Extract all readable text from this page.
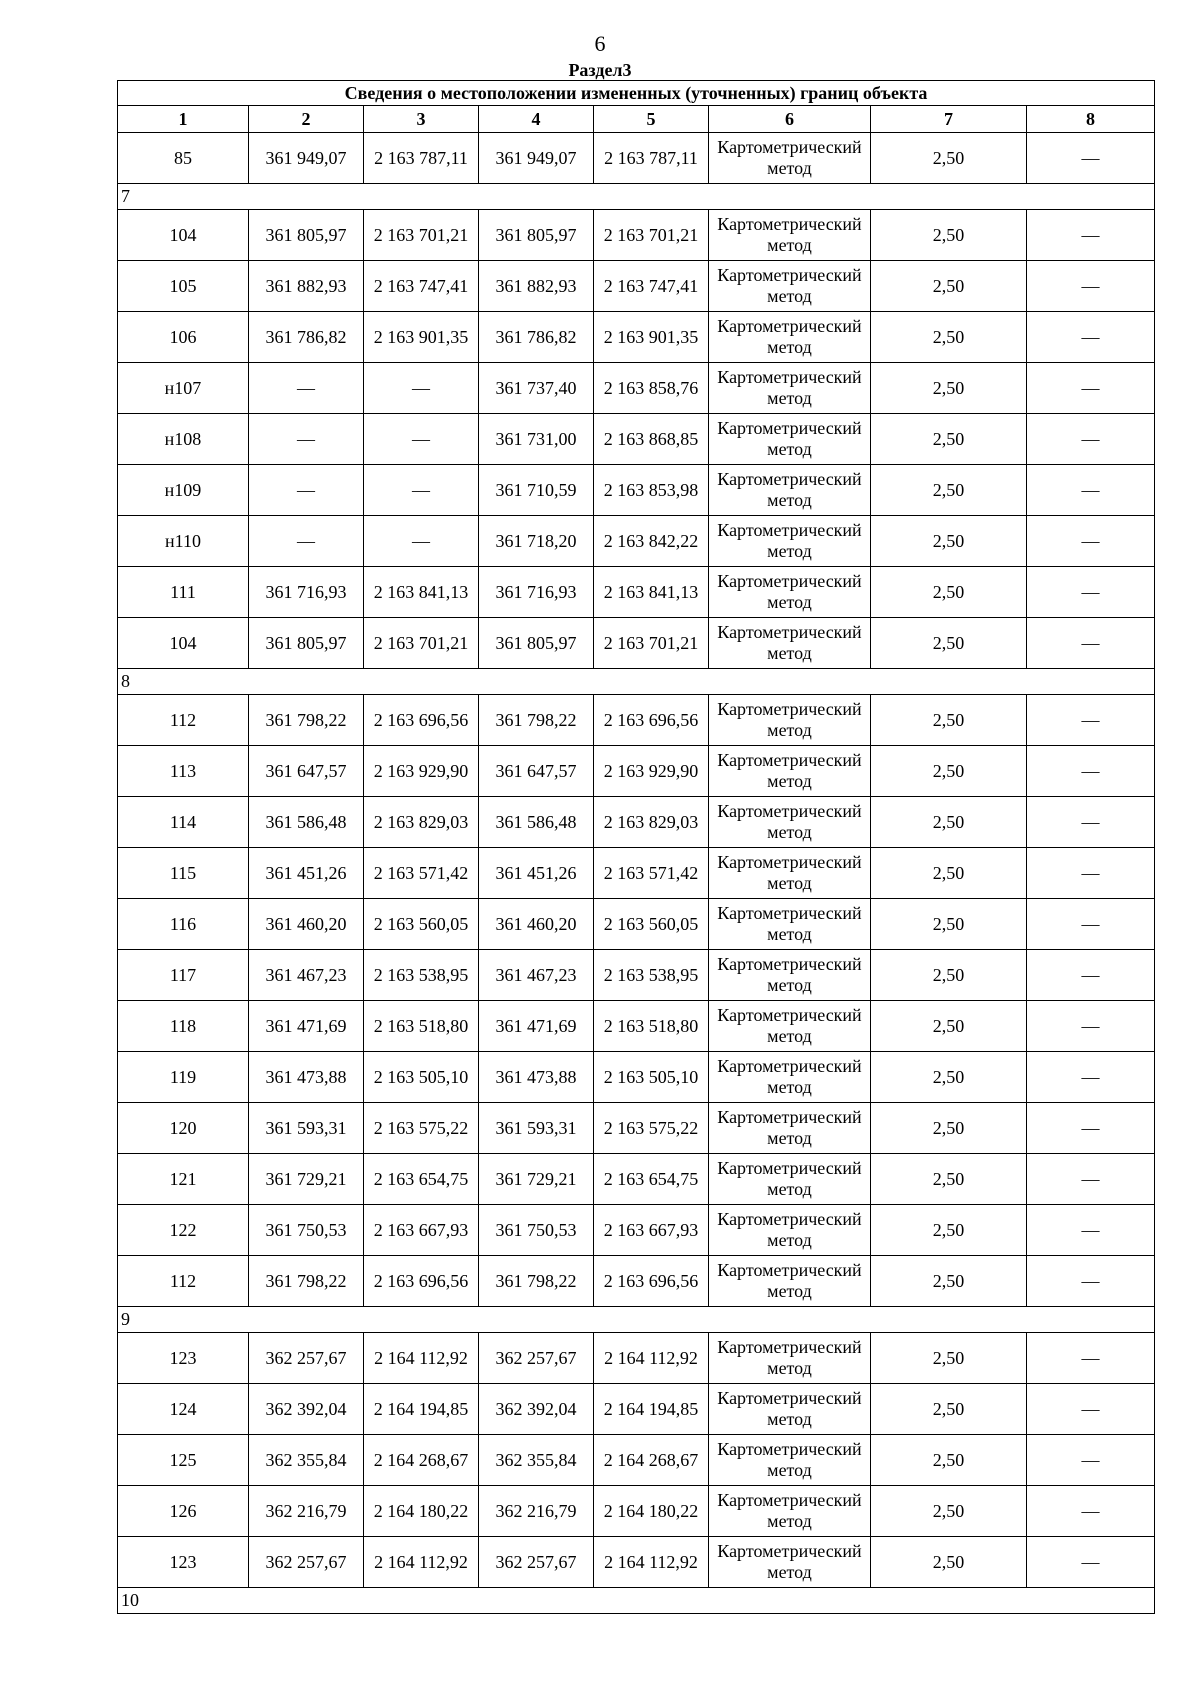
6
Раздел3
Сведения о местоположении измененных (уточненных) границ объекта							
1	2	3	4	5	6	7	8
85	361 949,07	2 163 787,11	361 949,07	2 163 787,11	Картометрический метод	2,50	—
7							
104	361 805,97	2 163 701,21	361 805,97	2 163 701,21	Картометрический метод	2,50	—
105	361 882,93	2 163 747,41	361 882,93	2 163 747,41	Картометрический метод	2,50	—
106	361 786,82	2 163 901,35	361 786,82	2 163 901,35	Картометрический метод	2,50	—
н107	—	—	361 737,40	2 163 858,76	Картометрический метод	2,50	—
н108	—	—	361 731,00	2 163 868,85	Картометрический метод	2,50	—
н109	—	—	361 710,59	2 163 853,98	Картометрический метод	2,50	—
н110	—	—	361 718,20	2 163 842,22	Картометрический метод	2,50	—
111	361 716,93	2 163 841,13	361 716,93	2 163 841,13	Картометрический метод	2,50	—
104	361 805,97	2 163 701,21	361 805,97	2 163 701,21	Картометрический метод	2,50	—
8							
112	361 798,22	2 163 696,56	361 798,22	2 163 696,56	Картометрический метод	2,50	—
113	361 647,57	2 163 929,90	361 647,57	2 163 929,90	Картометрический метод	2,50	—
114	361 586,48	2 163 829,03	361 586,48	2 163 829,03	Картометрический метод	2,50	—
115	361 451,26	2 163 571,42	361 451,26	2 163 571,42	Картометрический метод	2,50	—
116	361 460,20	2 163 560,05	361 460,20	2 163 560,05	Картометрический метод	2,50	—
117	361 467,23	2 163 538,95	361 467,23	2 163 538,95	Картометрический метод	2,50	—
118	361 471,69	2 163 518,80	361 471,69	2 163 518,80	Картометрический метод	2,50	—
119	361 473,88	2 163 505,10	361 473,88	2 163 505,10	Картометрический метод	2,50	—
120	361 593,31	2 163 575,22	361 593,31	2 163 575,22	Картометрический метод	2,50	—
121	361 729,21	2 163 654,75	361 729,21	2 163 654,75	Картометрический метод	2,50	—
122	361 750,53	2 163 667,93	361 750,53	2 163 667,93	Картометрический метод	2,50	—
112	361 798,22	2 163 696,56	361 798,22	2 163 696,56	Картометрический метод	2,50	—
9							
123	362 257,67	2 164 112,92	362 257,67	2 164 112,92	Картометрический метод	2,50	—
124	362 392,04	2 164 194,85	362 392,04	2 164 194,85	Картометрический метод	2,50	—
125	362 355,84	2 164 268,67	362 355,84	2 164 268,67	Картометрический метод	2,50	—
126	362 216,79	2 164 180,22	362 216,79	2 164 180,22	Картометрический метод	2,50	—
123	362 257,67	2 164 112,92	362 257,67	2 164 112,92	Картометрический метод	2,50	—
10							
